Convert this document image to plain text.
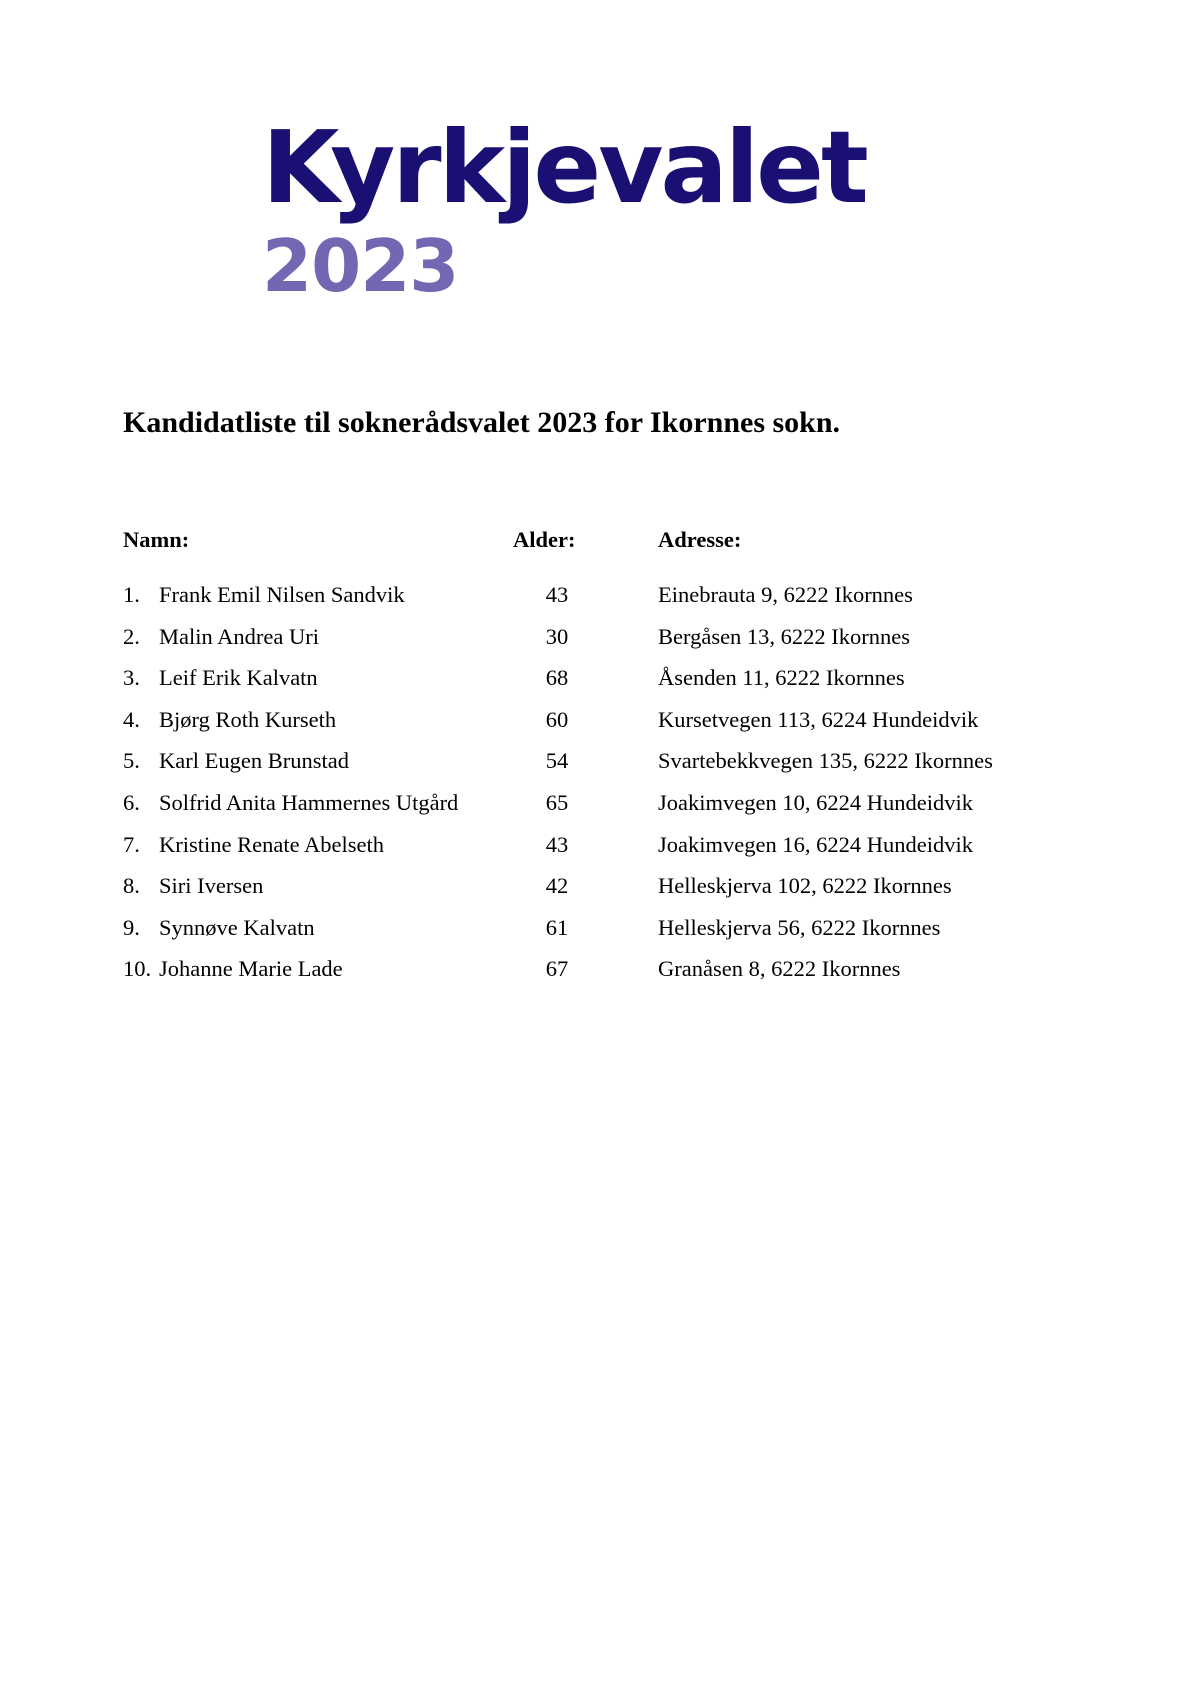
Kyrkjevalet
2023
Kandidatliste til soknerådsvalet 2023 for Ikornnes sokn.
Namn:	Alder:	Adresse:
1. Frank Emil Nilsen Sandvik	43	Einebrauta 9, 6222 Ikornnes
2. Malin Andrea Uri	30	Bergåsen 13, 6222 Ikornnes
3. Leif Erik Kalvatn	68	Åsenden 11, 6222 Ikornnes
4. Bjørg Roth Kurseth	60	Kursetvegen 113, 6224 Hundeidvik
5. Karl Eugen Brunstad	54	Svartebekkvegen 135, 6222 Ikornnes
6. Solfrid Anita Hammernes Utgård	65	Joakimvegen 10, 6224 Hundeidvik
7. Kristine Renate Abelseth	43	Joakimvegen 16, 6224 Hundeidvik
8. Siri Iversen	42	Helleskjerva 102, 6222 Ikornnes
9. Synnøve Kalvatn	61	Helleskjerva 56, 6222 Ikornnes
10. Johanne Marie Lade	67	Granåsen 8, 6222 Ikornnes
